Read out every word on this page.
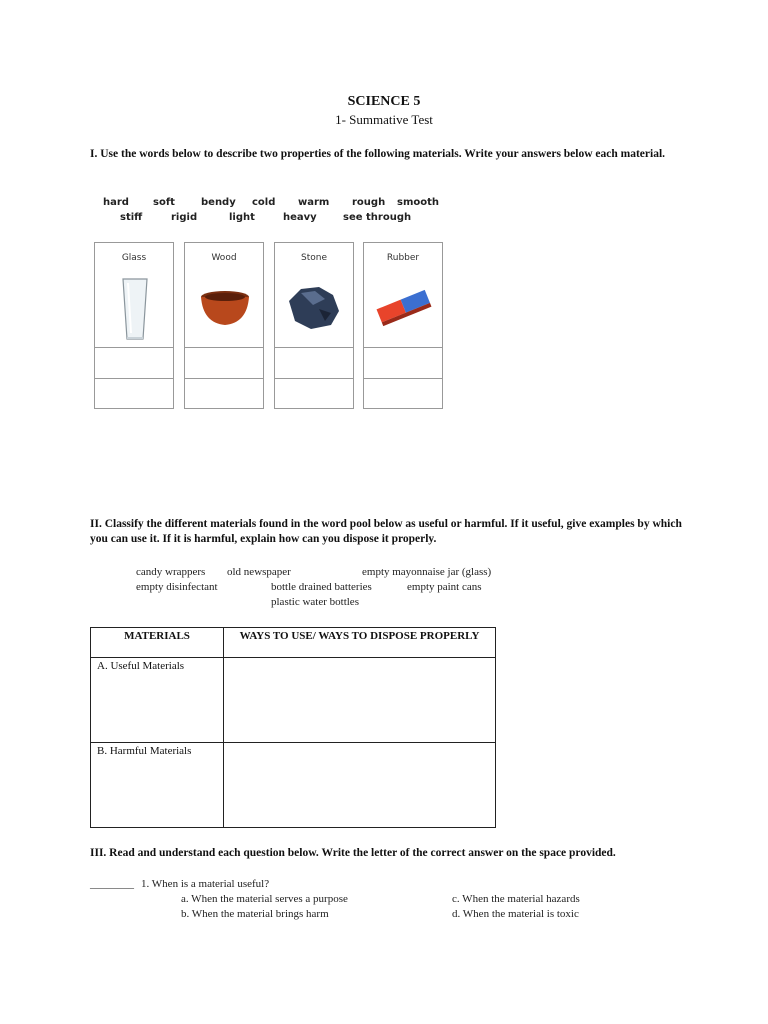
SCIENCE 5
1- Summative Test
I. Use the words below to describe two properties of the following materials. Write your answers below each material.
hard soft	bendy cold warm rough smooth
stiff	rigid	light	heavy	see through
Glass	Wood	Stone	Rubber
II. Classify the different materials found in the word pool below as useful or harmful. If it useful, give examples by which you can use it. If it is harmful, explain how can you dispose it properly.
candy wrappers old newspaper	empty mayonnaise jar (glass)
empty disinfectant	bottle drained batteries	empty paint cans
plastic water bottles
MATERIALS	WAYS TO USE/ WAYS TO DISPOSE PROPERLY
A. Useful Materials	
B. Harmful Materials	
III. Read and understand each question below. Write the letter of the correct answer on the space provided.
________ 1. When is a material useful?
a. When the material serves a purpose
b. When the material brings harm
c. When the material hazards
d. When the material is toxic
